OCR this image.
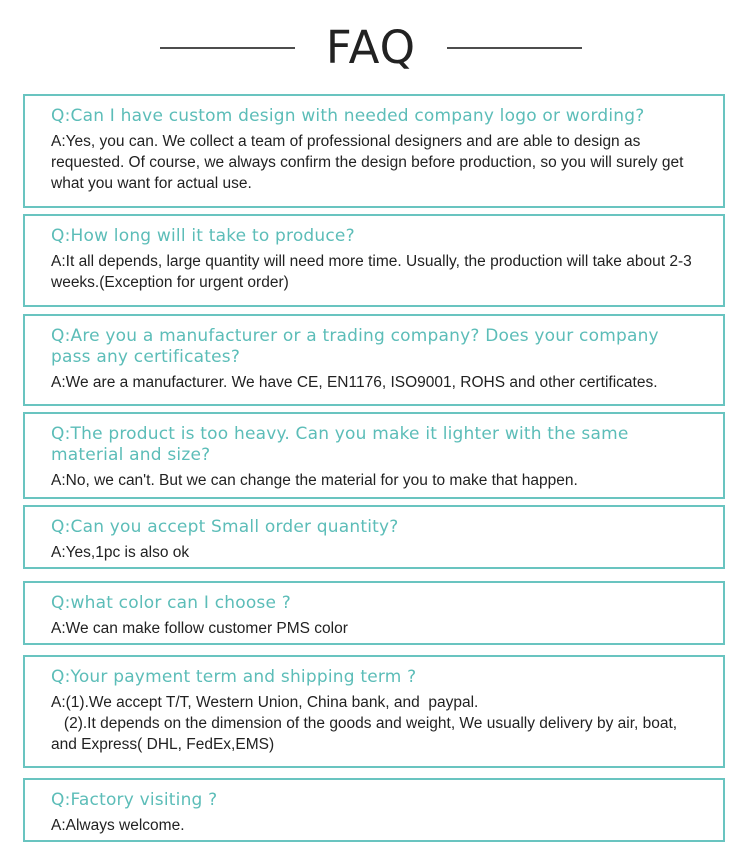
FAQ
Q:Can I have custom design with needed company logo or wording?
A:Yes, you can. We collect a team of professional designers and are able to design as requested. Of course, we always confirm the design before production, so you will surely get what you want for actual use.
Q:How long will it take to produce?
A:It all depends, large quantity will need more time. Usually, the production will take about 2-3 weeks.(Exception for urgent order)
Q:Are you a manufacturer or a trading company? Does your company pass any certificates?
A:We are a manufacturer. We have CE, EN1176, ISO9001, ROHS and other certificates.
Q:The product is too heavy. Can you make it lighter with the same material and size?
A:No, we can't. But we can change the material for you to make that happen.
Q:Can you accept Small order quantity?
A:Yes,1pc is also ok
Q:what color can I choose ?
A:We can make follow customer PMS color
Q:Your payment term and shipping term ?
A:(1).We accept T/T, Western Union, China bank, and  paypal.
(2).It depends on the dimension of the goods and weight, We usually delivery by air, boat, and Express( DHL, FedEx,EMS)
Q:Factory visiting ?
A:Always welcome.
